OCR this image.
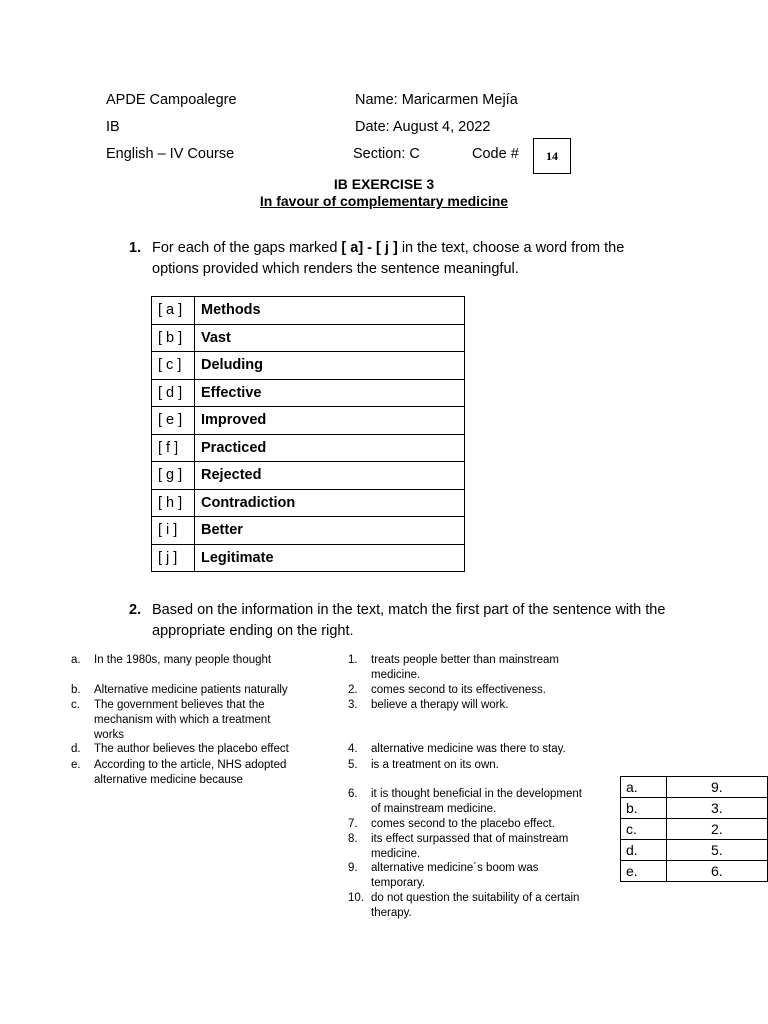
APDE Campoalegre
IB
English – IV Course
Name: Maricarmen Mejía
Date: August 4, 2022
Section: C	Code # 14
IB EXERCISE 3
In favour of complementary medicine
1. For each of the gaps marked [ a] - [ j ] in the text, choose a word from the options provided which renders the sentence meaningful.
[ a ]	Methods
[ b ]	Vast
[ c ]	Deluding
[ d ]	Effective
[ e ]	Improved
[ f ]	Practiced
[ g ]	Rejected
[ h ]	Contradiction
[ i ]	Better
[ j ]	Legitimate
2. Based on the information in the text, match the first part of the sentence with the appropriate ending on the right.
a. In the 1980s, many people thought
b. Alternative medicine patients naturally
c. The government believes that the mechanism with which a treatment works
d. The author believes the placebo effect
e. According to the article, NHS adopted alternative medicine because
1. treats people better than mainstream medicine.
2. comes second to its effectiveness.
3. believe a therapy will work.
4. alternative medicine was there to stay.
5. is a treatment on its own.
6. it is thought beneficial in the development of mainstream medicine.
7. comes second to the placebo effect.
8. its effect surpassed that of mainstream medicine.
9. alternative medicine´s boom was temporary.
10. do not question the suitability of a certain therapy.
a.	9.
b.	3.
c.	2.
d.	5.
e.	6.
